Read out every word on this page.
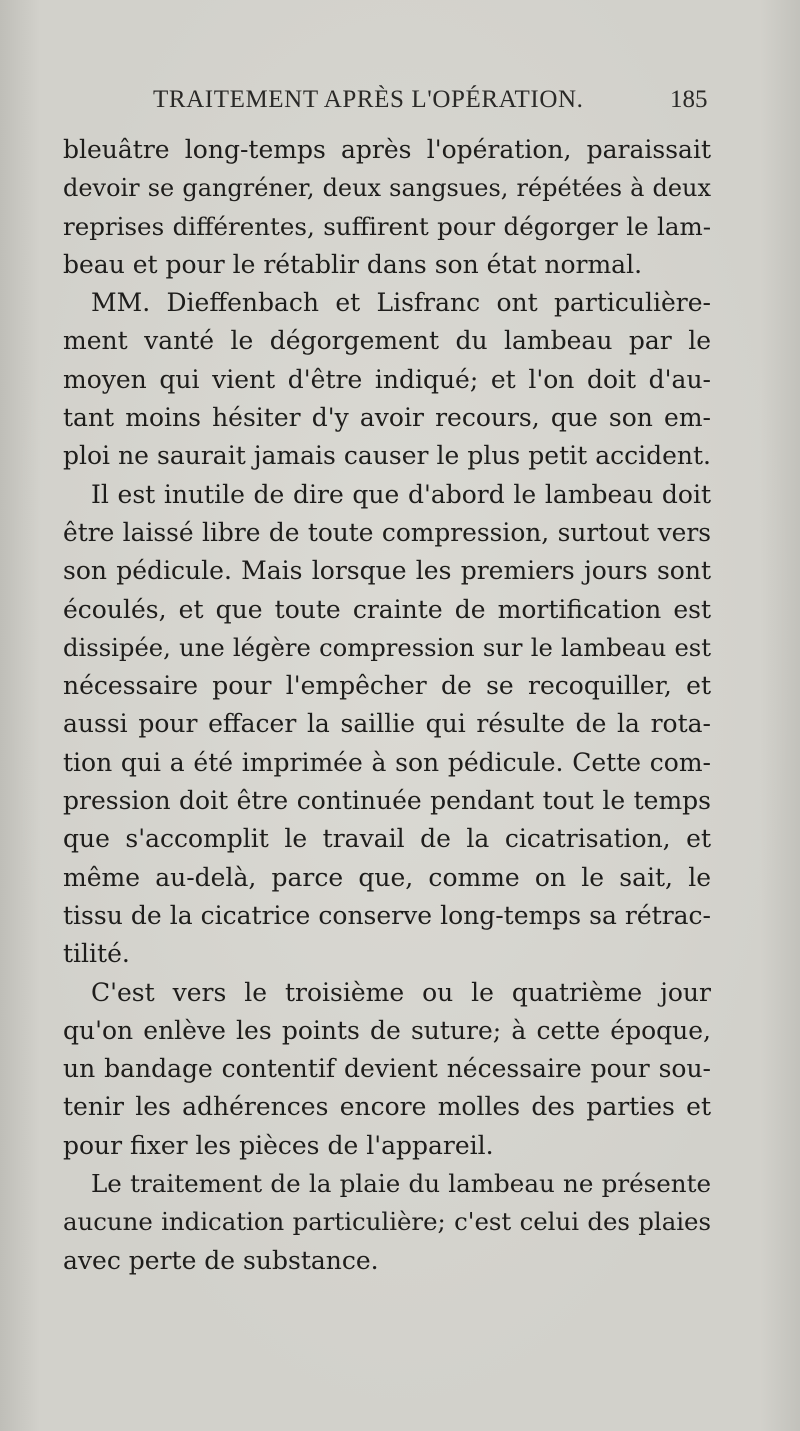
TRAITEMENT APRÈS L'OPÉRATION.	185
bleuâtre long-temps après l'opération, paraissait
devoir se gangréner, deux sangsues, répétées à deux
reprises différentes, suffirent pour dégorger le lam-
beau et pour le rétablir dans son état normal.
MM. Dieffenbach et Lisfranc ont particulière-
ment vanté le dégorgement du lambeau par le
moyen qui vient d'être indiqué; et l'on doit d'au-
tant moins hésiter d'y avoir recours, que son em-
ploi ne saurait jamais causer le plus petit accident.
Il est inutile de dire que d'abord le lambeau doit
être laissé libre de toute compression, surtout vers
son pédicule. Mais lorsque les premiers jours sont
écoulés, et que toute crainte de mortification est
dissipée, une légère compression sur le lambeau est
nécessaire pour l'empêcher de se recoquiller, et
aussi pour effacer la saillie qui résulte de la rota-
tion qui a été imprimée à son pédicule. Cette com-
pression doit être continuée pendant tout le temps
que s'accomplit le travail de la cicatrisation, et
même au-delà, parce que, comme on le sait, le
tissu de la cicatrice conserve long-temps sa rétrac-
tilité.
C'est vers le troisième ou le quatrième jour
qu'on enlève les points de suture; à cette époque,
un bandage contentif devient nécessaire pour sou-
tenir les adhérences encore molles des parties et
pour fixer les pièces de l'appareil.
Le traitement de la plaie du lambeau ne présente
aucune indication particulière; c'est celui des plaies
avec perte de substance.
